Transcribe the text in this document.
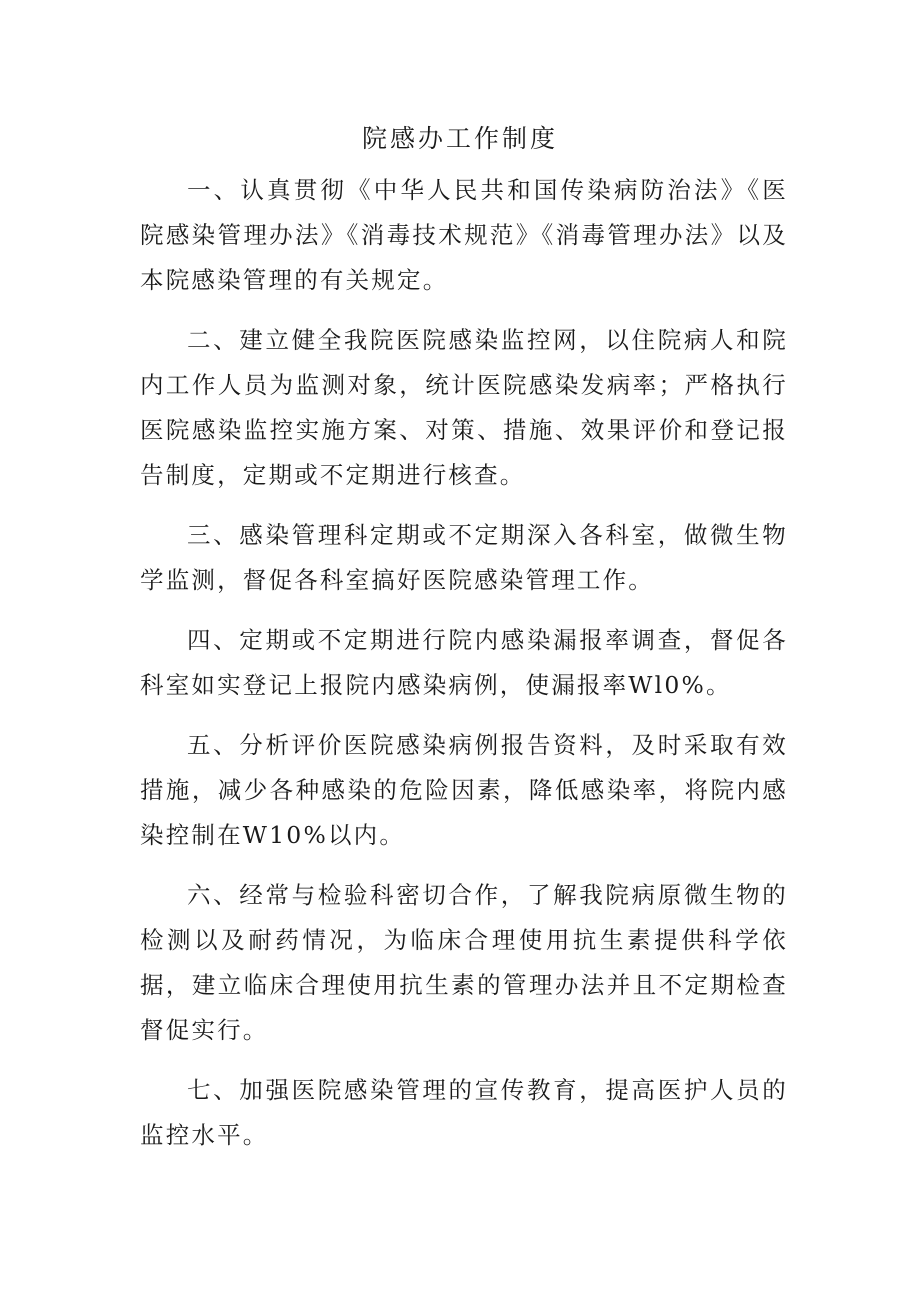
院感办工作制度

一、认真贯彻《中华人民共和国传染病防治法》《医院感染管理办法》《消毒技术规范》《消毒管理办法》以及本院感染管理的有关规定。

二、建立健全我院医院感染监控网，以住院病人和院内工作人员为监测对象，统计医院感染发病率；严格执行医院感染监控实施方案、对策、措施、效果评价和登记报告制度，定期或不定期进行核查。

三、感染管理科定期或不定期深入各科室，做微生物学监测，督促各科室搞好医院感染管理工作。

四、定期或不定期进行院内感染漏报率调查，督促各科室如实登记上报院内感染病例，使漏报率Wl0%。

五、分析评价医院感染病例报告资料，及时采取有效措施，减少各种感染的危险因素，降低感染率，将院内感染控制在W10%以内。

六、经常与检验科密切合作，了解我院病原微生物的检测以及耐药情况，为临床合理使用抗生素提供科学依据，建立临床合理使用抗生素的管理办法并且不定期检查督促实行。

七、加强医院感染管理的宣传教育，提高医护人员的监控水平。
